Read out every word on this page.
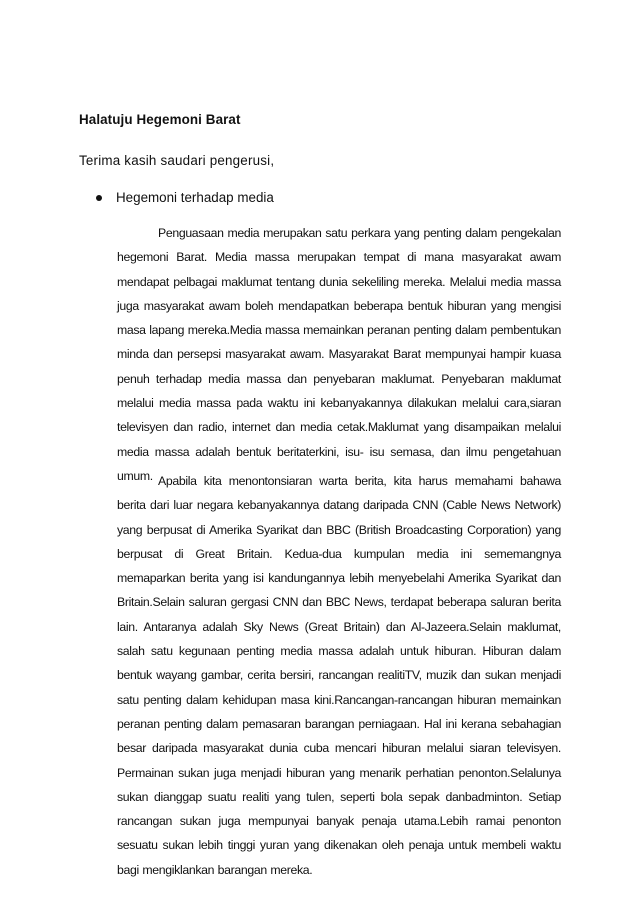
Halatuju Hegemoni Barat
Terima kasih saudari pengerusi,
Hegemoni terhadap media

Penguasaan media merupakan satu perkara yang penting dalam pengekalan hegemoni Barat. Media massa merupakan tempat di mana masyarakat awam mendapat pelbagai maklumat tentang dunia sekeliling mereka. Melalui media massa juga masyarakat awam boleh mendapatkan beberapa bentuk hiburan yang mengisi masa lapang mereka.Media massa memainkan peranan penting dalam pembentukan minda dan persepsi masyarakat awam. Masyarakat Barat mempunyai hampir kuasa penuh terhadap media massa dan penyebaran maklumat. Penyebaran maklumat melalui media massa pada waktu ini kebanyakannya dilakukan melalui cara,siaran televisyen dan radio, internet dan media cetak.Maklumat yang disampaikan melalui media massa adalah bentuk beritaterkini, isu- isu semasa, dan ilmu pengetahuan umum. Apabila kita menontonsiaran warta berita, kita harus memahami bahawa berita dari luar negara kebanyakannya datang daripada CNN (Cable News Network) yang berpusat di Amerika Syarikat dan BBC (British Broadcasting Corporation) yang berpusat di Great Britain. Kedua-dua kumpulan media ini sememangnya memaparkan berita yang isi kandungannya lebih menyebelahi Amerika Syarikat dan Britain.Selain saluran gergasi CNN dan BBC News, terdapat beberapa saluran berita lain. Antaranya adalah Sky News (Great Britain) dan Al-Jazeera.Selain maklumat, salah satu kegunaan penting media massa adalah untuk hiburan. Hiburan dalam bentuk wayang gambar, cerita bersiri, rancangan realitiTV, muzik dan sukan menjadi satu penting dalam kehidupan masa kini.Rancangan-rancangan hiburan memainkan peranan penting dalam pemasaran barangan perniagaan. Hal ini kerana sebahagian besar daripada masyarakat dunia cuba mencari hiburan melalui siaran televisyen. Permainan sukan juga menjadi hiburan yang menarik perhatian penonton.Selalunya sukan dianggap suatu realiti yang tulen, seperti bola sepak danbadminton. Setiap rancangan sukan juga mempunyai banyak penaja utama.Lebih ramai penonton sesuatu sukan lebih tinggi yuran yang dikenakan oleh penaja untuk membeli waktu bagi mengiklankan barangan mereka.
